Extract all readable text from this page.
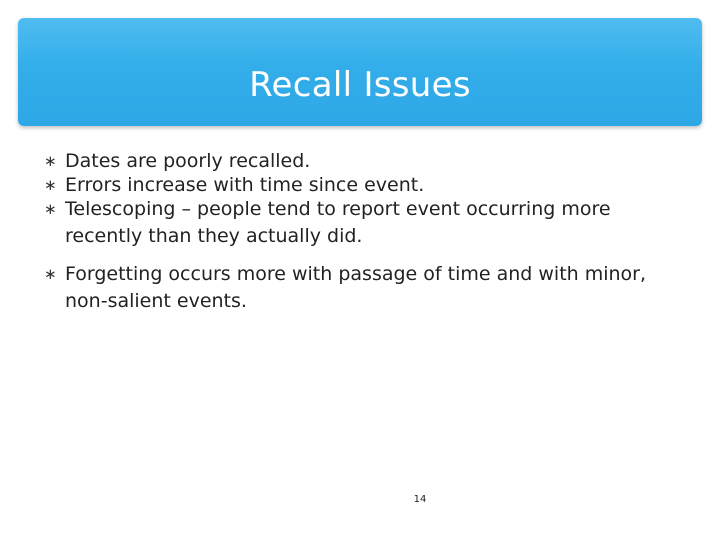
Recall Issues
∗ Dates are poorly recalled.
∗ Errors increase with time since event.
∗ Telescoping – people tend to report event occurring more recently than they actually did.
∗ Forgetting occurs more with passage of time and with minor, non-salient events.
14
